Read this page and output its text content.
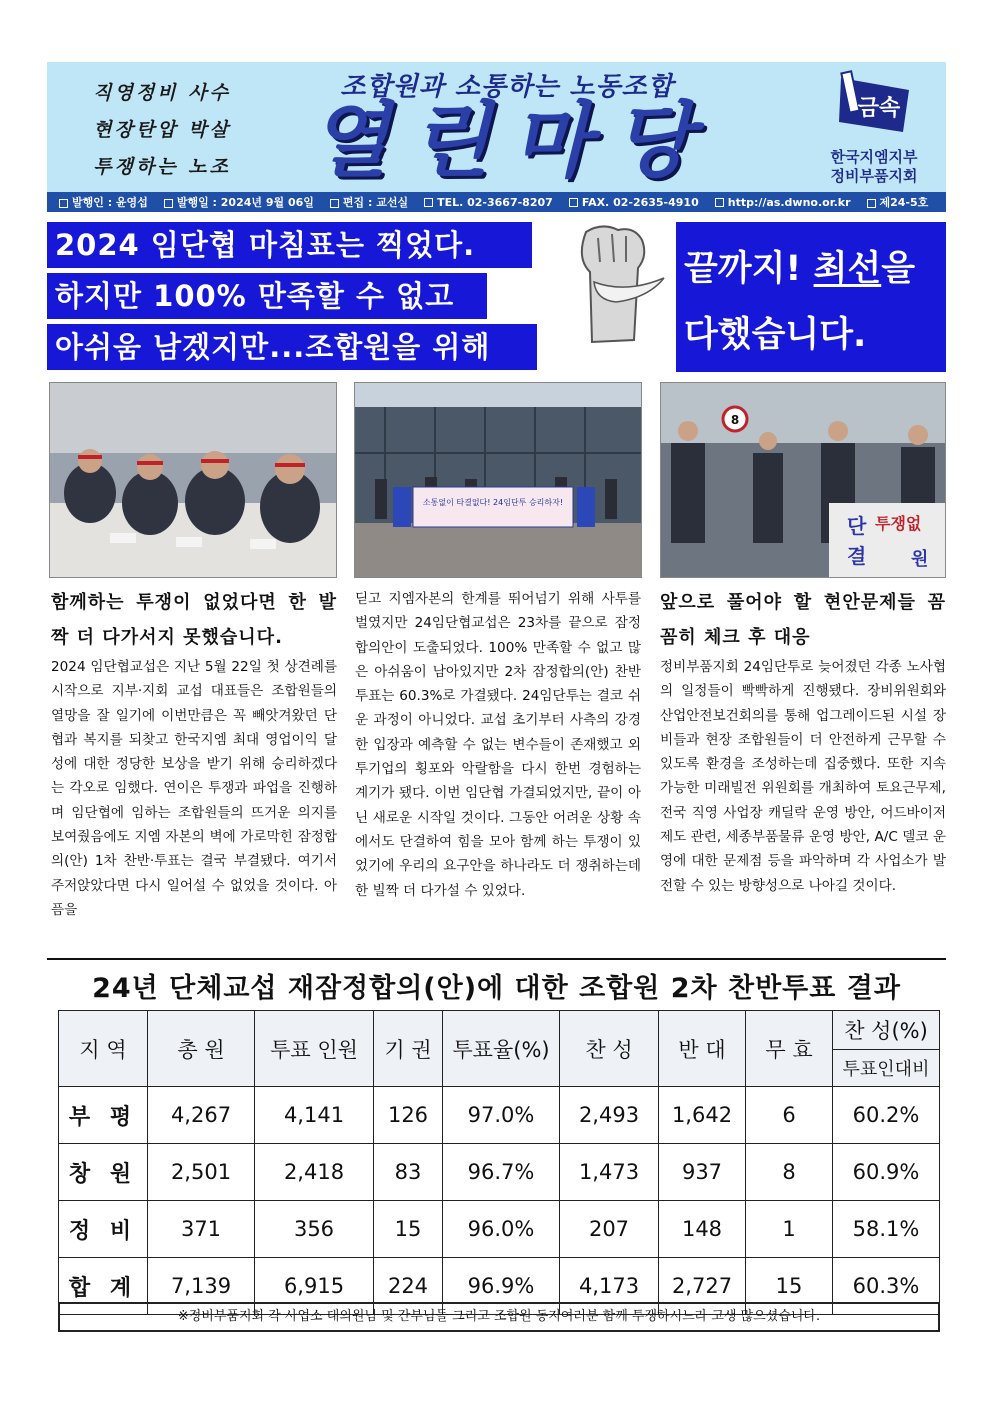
직영정비 사수
현장탄압 박살
투쟁하는 노조
조합원과 소통하는 노동조합
열린마당	금속
한국지엠지부
정비부품지회
발행인 : 윤영섭	발행일 : 2024년 9월 06일	편집 : 교선실	TEL. 02-3667-8207	FAX. 02-2635-4910	http://as.dwno.or.kr	제24-5호
2024 임단협 마침표는 찍었다.
하지만 100% 만족할 수 없고
아쉬움 남겠지만...조합원을 위해
끝까지! 최선을
다했습니다.
소통없이 타결없다! 24임단투 승리하자!
8
단
결
투쟁없
원
함께하는 투쟁이 없었다면 한 발짝 더 다가서지 못했습니다.
2024 임단협교섭은 지난 5월 22일 첫 상견례를 시작으로 지부·지회 교섭 대표들은 조합원들의 열망을 잘 일기에 이번만큼은 꼭 빼앗겨왔던 단협과 복지를 되찾고 한국지엠 최대 영업이익 달성에 대한 정당한 보상을 받기 위해 승리하겠다는 각오로 임했다. 연이은 투쟁과 파업을 진행하며 임단협에 임하는 조합원들의 뜨거운 의지를 보여줬음에도 지엠 자본의 벽에 가로막힌 잠정합의(안) 1차 찬반·투표는 결국 부결됐다. 여기서 주저앉았다면 다시 일어설 수 없었을 것이다. 아픔을
딛고 지엠자본의 한계를 뛰어넘기 위해 사투를 벌였지만 24임단협교섭은 23차를 끝으로 잠정합의안이 도출되었다. 100% 만족할 수 없고 많은 아쉬움이 남아있지만 2차 잠정합의(안) 찬반투표는 60.3%로 가결됐다. 24임단투는 결코 쉬운 과정이 아니었다. 교섭 초기부터 사측의 강경한 입장과 예측할 수 없는 변수들이 존재했고 외투기업의 횡포와 악랄함을 다시 한번 경험하는 계기가 됐다. 이번 임단협 가결되었지만, 끝이 아닌 새로운 시작일 것이다. 그동안 어려운 상황 속에서도 단결하여 힘을 모아 함께 하는 투쟁이 있었기에 우리의 요구안을 하나라도 더 쟁취하는데 한 빌짝 더 다가설 수 있었다.
앞으로 풀어야 할 현안문제들 꼼꼼히 체크 후 대응
정비부품지회 24임단투로 늦어졌던 각종 노사협의 일정들이 빡빡하게 진행됐다. 장비위원회와 산업안전보건회의를 통해 업그레이드된 시설 장비들과 현장 조합원들이 더 안전하게 근무할 수 있도록 환경을 조성하는데 집중했다. 또한 지속가능한 미래빌전 위원회를 개최하여 토요근무제, 전국 직영 사업장 캐딜락 운영 방안, 어드바이저 제도 관련, 세종부품물류 운영 방안, A/C 델코 운영에 대한 문제점 등을 파악하며 각 사업소가 발전할 수 있는 방향성으로 나아길 것이다.
24년 단체교섭 재잠정합의(안)에 대한 조합원 2차 찬반투표 결과
지 역	총 원	투표 인원	기 권	투표율(%)	찬 성	반 대	무 효	찬 성(%)
								투표인대비
부 평	4,267	4,141	126	97.0%	2,493	1,642	6	60.2%
창 원	2,501	2,418	83	96.7%	1,473	937	8	60.9%
정 비	371	356	15	96.0%	207	148	1	58.1%
합 계	7,139	6,915	224	96.9%	4,173	2,727	15	60.3%
※정비부품지회 각 사업소 대의원님 및 간부님들 그리고 조합원 동지여러분 함께 투쟁하시느라 고생 많으셨습니다.
